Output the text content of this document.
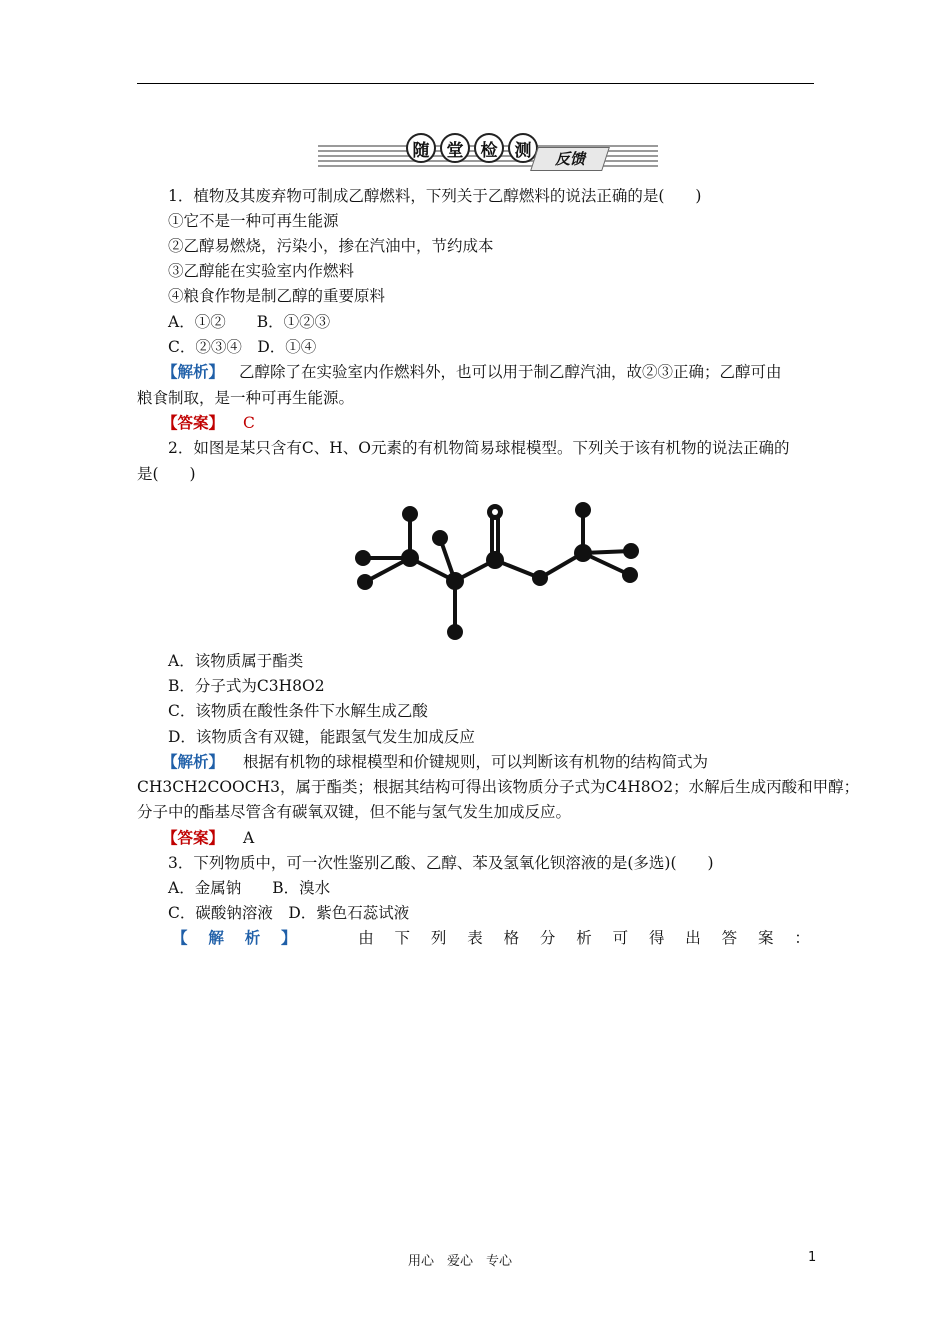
随	堂	检	测	反馈
1．植物及其废弃物可制成乙醇燃料，下列关于乙醇燃料的说法正确的是(　　)
①它不是一种可再生能源
②乙醇易燃烧，污染小，掺在汽油中，节约成本
③乙醇能在实验室内作燃料
④粮食作物是制乙醇的重要原料
A．①②　　B．①②③
C．②③④　D．①④
【解析】 乙醇除了在实验室内作燃料外，也可以用于制乙醇汽油，故②③正确；乙醇可由
粮食制取，是一种可再生能源。
【答案】 C
2．如图是某只含有C、H、O元素的有机物简易球棍模型。下列关于该有机物的说法正确的
是(　　)
A．该物质属于酯类
B．分子式为C3H8O2
C．该物质在酸性条件下水解生成乙酸
D．该物质含有双键，能跟氢气发生加成反应
【解析】 根据有机物的球棍模型和价键规则，可以判断该有机物的结构简式为
CH3CH2COOCH3，属于酯类；根据其结构可得出该物质分子式为C4H8O2；水解后生成丙酸和甲醇；
分子中的酯基尽管含有碳氧双键，但不能与氢气发生加成反应。
【答案】 A
3．下列物质中，可一次性鉴别乙酸、乙醇、苯及氢氧化钡溶液的是(多选)(　　)
A．金属钠　　B．溴水
C．碳酸钠溶液　D．紫色石蕊试液
【 解 析 】	由 下 列 表 格 分 析 可 得 出 答 案 ：
用心　爱心　专心	1
